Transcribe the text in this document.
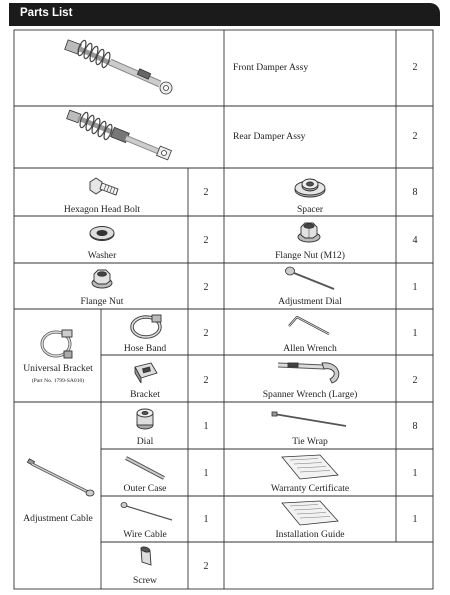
Parts List
Front Damper Assy	2
Rear Damper Assy	2
Hexagon Head Bolt
2
Spacer
8
Washer
2
Flange Nut (M12)
4
Flange Nut
2
Adjustment Dial
1
Universal Bracket
(Part No. 1799-SA010)
Hose Band
2
Allen Wrench
1
Bracket
2
Spanner Wrench (Large)
2
Adjustment Cable
Dial
1
Tie Wrap
8
Outer Case
1
Warranty Certificate
1
Wire Cable
1
Installation Guide
1
Screw
2
